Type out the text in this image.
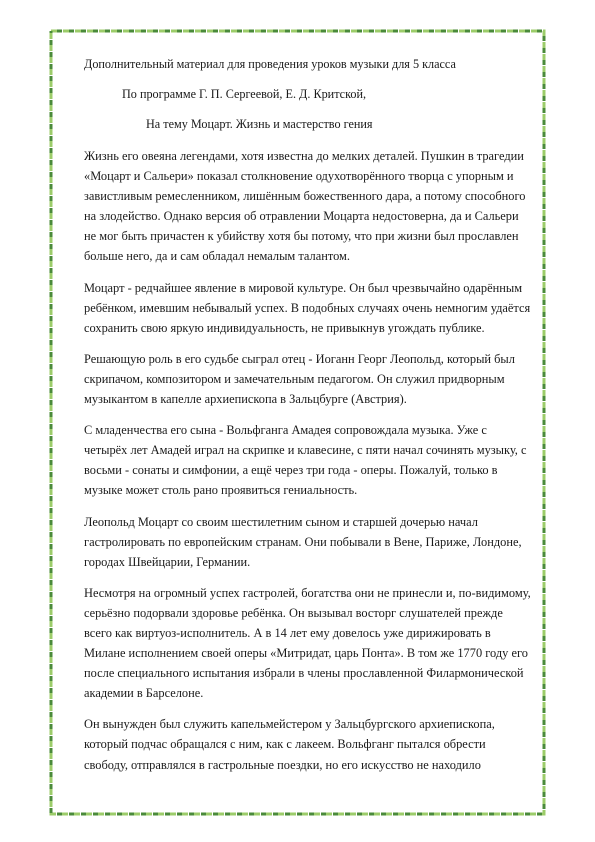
Дополнительный материал для проведения уроков музыки для 5 класса
По программе Г. П. Сергеевой, Е. Д. Критской,
На тему Моцарт. Жизнь и мастерство гения

Жизнь его овеяна легендами, хотя известна до мелких деталей. Пушкин в трагедии «Моцарт и Сальери» показал столкновение одухотворённого творца с упорным и завистливым ремесленником, лишённым божественного дара, а потому способного на злодейство. Однако версия об отравлении Моцарта недостоверна, да и Сальери не мог быть причастен к убийству хотя бы потому, что при жизни был прославлен больше него, да и сам обладал немалым талантом.

Моцарт - редчайшее явление в мировой культуре. Он был чрезвычайно одарённым ребёнком, имевшим небывалый успех. В подобных случаях очень немногим удаётся сохранить свою яркую индивидуальность, не привыкнув угождать публике.

Решающую роль в его судьбе сыграл отец - Иоганн Георг Леопольд, который был скрипачом, композитором и замечательным педагогом. Он служил придворным музыкантом в капелле архиепископа в Зальцбурге (Австрия).

С младенчества его сына - Вольфганга Амадея сопровождала музыка. Уже с четырёх лет Амадей играл на скрипке и клавесине, с пяти начал сочинять музыку, с восьми - сонаты и симфонии, а ещё через три года - оперы. Пожалуй, только в музыке может столь рано проявиться гениальность.

Леопольд Моцарт со своим шестилетним сыном и старшей дочерью начал гастролировать по европейским странам. Они побывали в Вене, Париже, Лондоне, городах Швейцарии, Германии.

Несмотря на огромный успех гастролей, богатства они не принесли и, по-видимому, серьёзно подорвали здоровье ребёнка. Он вызывал восторг слушателей прежде всего как виртуоз-исполнитель. А в 14 лет ему довелось уже дирижировать в Милане исполнением своей оперы «Митридат, царь Понта». В том же 1770 году его после специального испытания избрали в члены прославленной Филармонической академии в Барселоне.

Он вынужден был служить капельмейстером у Зальцбургского архиепископа, который подчас обращался с ним, как с лакеем. Вольфганг пытался обрести свободу, отправлялся в гастрольные поездки, но его искусство не находило
